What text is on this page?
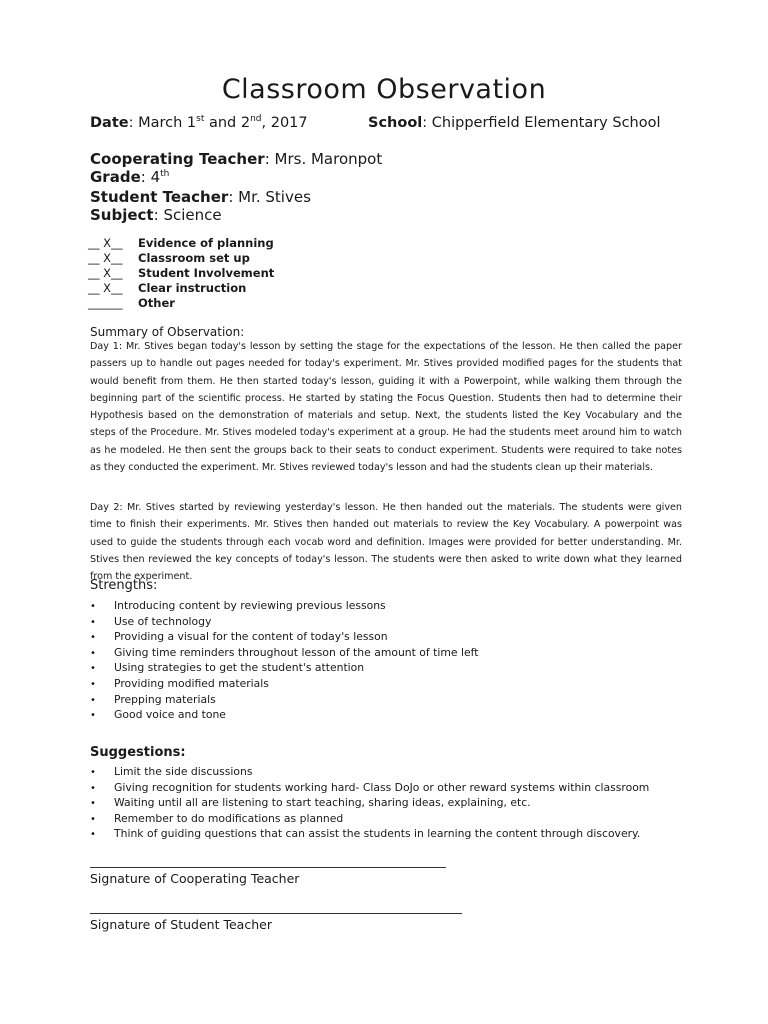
Classroom Observation
Date: March 1st and 2nd, 2017	School: Chipperfield Elementary School
Cooperating Teacher: Mrs. Maronpot
Grade: 4th
Student Teacher: Mr. Stives
Subject: Science
__ X__ Evidence of planning
__ X__ Classroom set up
__ X__ Student Involvement
__ X__ Clear instruction
______ Other
Summary of Observation:
Day 1: Mr. Stives began today's lesson by setting the stage for the expectations of the lesson. He then called the paper passers up to handle out pages needed for today's experiment. Mr. Stives provided modified pages for the students that would benefit from them. He then started today's lesson, guiding it with a Powerpoint, while walking them through the beginning part of the scientific process. He started by stating the Focus Question. Students then had to determine their Hypothesis based on the demonstration of materials and setup. Next, the students listed the Key Vocabulary and the steps of the Procedure. Mr. Stives modeled today's experiment at a group. He had the students meet around him to watch as he modeled. He then sent the groups back to their seats to conduct experiment. Students were required to take notes as they conducted the experiment. Mr. Stives reviewed today's lesson and had the students clean up their materials.
Day 2: Mr. Stives started by reviewing yesterday's lesson. He then handed out the materials. The students were given time to finish their experiments. Mr. Stives then handed out materials to review the Key Vocabulary. A powerpoint was used to guide the students through each vocab word and definition. Images were provided for better understanding. Mr. Stives then reviewed the key concepts of today's lesson. The students were then asked to write down what they learned from the experiment.
Strengths:
• Introducing content by reviewing previous lessons
• Use of technology
• Providing a visual for the content of today's lesson
• Giving time reminders throughout lesson of the amount of time left
• Using strategies to get the student's attention
• Providing modified materials
• Prepping materials
• Good voice and tone
Suggestions:
• Limit the side discussions
• Giving recognition for students working hard- Class DoJo or other reward systems within classroom
• Waiting until all are listening to start teaching, sharing ideas, explaining, etc.
• Remember to do modifications as planned
• Think of guiding questions that can assist the students in learning the content through discovery.
Signature of Cooperating Teacher
Signature of Student Teacher
